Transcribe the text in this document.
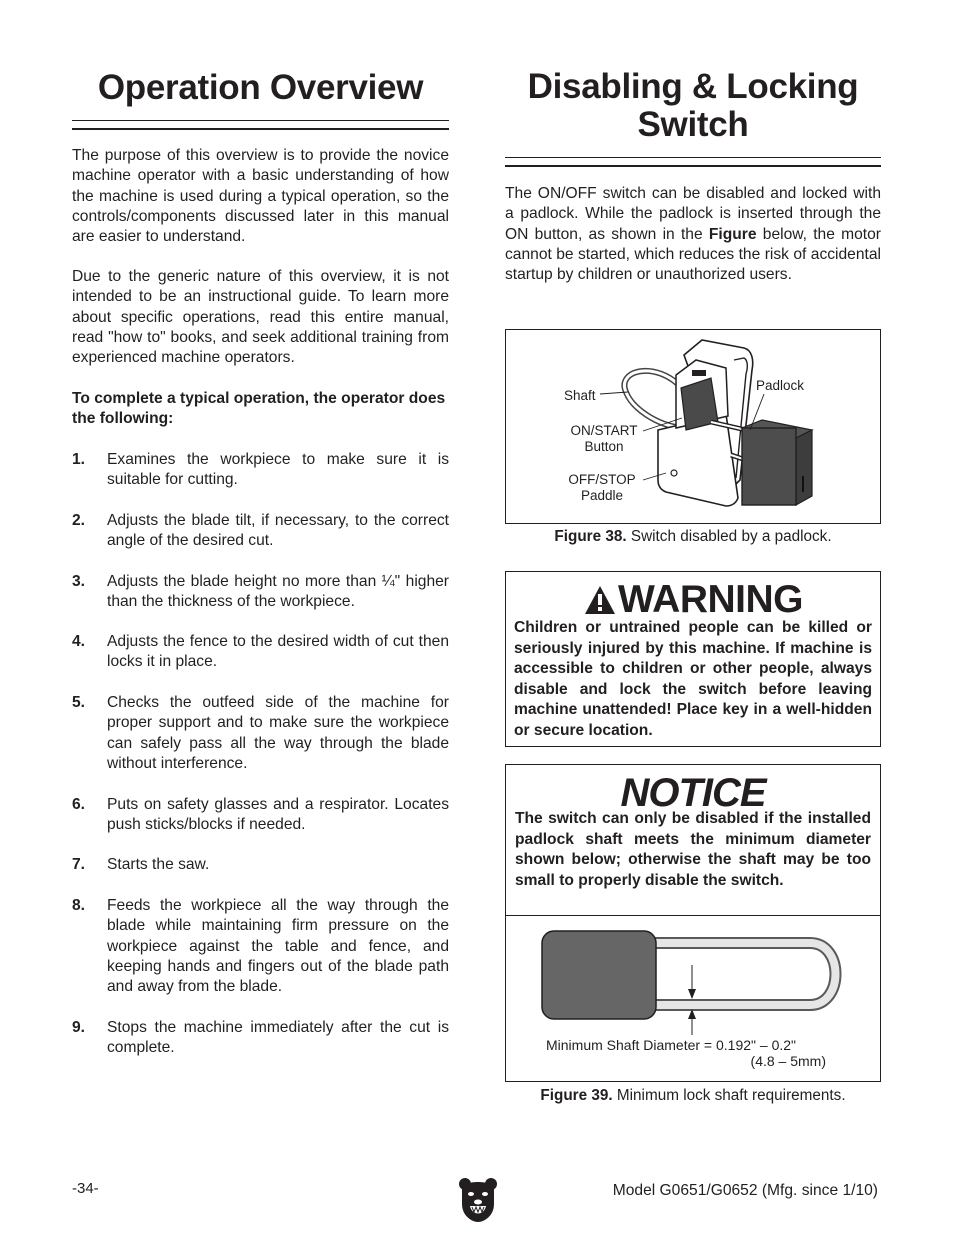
Operation Overview
The purpose of this overview is to provide the novice machine operator with a basic understanding of how the machine is used during a typical operation, so the controls/components discussed later in this manual are easier to understand.
Due to the generic nature of this overview, it is not intended to be an instructional guide. To learn more about specific operations, read this entire manual, read "how to" books, and seek additional training from experienced machine operators.
To complete a typical operation, the operator does the following:
1. Examines the workpiece to make sure it is suitable for cutting.
2. Adjusts the blade tilt, if necessary, to the correct angle of the desired cut.
3. Adjusts the blade height no more than ¼" higher than the thickness of the workpiece.
4. Adjusts the fence to the desired width of cut then locks it in place.
5. Checks the outfeed side of the machine for proper support and to make sure the workpiece can safely pass all the way through the blade without interference.
6. Puts on safety glasses and a respirator. Locates push sticks/blocks if needed.
7. Starts the saw.
8. Feeds the workpiece all the way through the blade while maintaining firm pressure on the workpiece against the table and fence, and keeping hands and fingers out of the blade path and away from the blade.
9. Stops the machine immediately after the cut is complete.
Disabling & Locking
Switch
The ON/OFF switch can be disabled and locked with a padlock. While the padlock is inserted through the ON button, as shown in the Figure below, the motor cannot be started, which reduces the risk of accidental startup by children or unauthorized users.
Shaft
Padlock
ON/START
Button
OFF/STOP
Paddle
Figure 38. Switch disabled by a padlock.
WARNING
Children or untrained people can be killed or seriously injured by this machine. If machine is accessible to children or other people, always disable and lock the switch before leaving machine unattended! Place key in a well-hidden or secure location.
NOTICE
The switch can only be disabled if the installed padlock shaft meets the minimum diameter shown below; otherwise the shaft may be too small to properly disable the switch.
Minimum Shaft Diameter = 0.192" – 0.2"
(4.8 – 5mm)
Figure 39. Minimum lock shaft requirements.
-34-	Model G0651/G0652 (Mfg. since 1/10)
